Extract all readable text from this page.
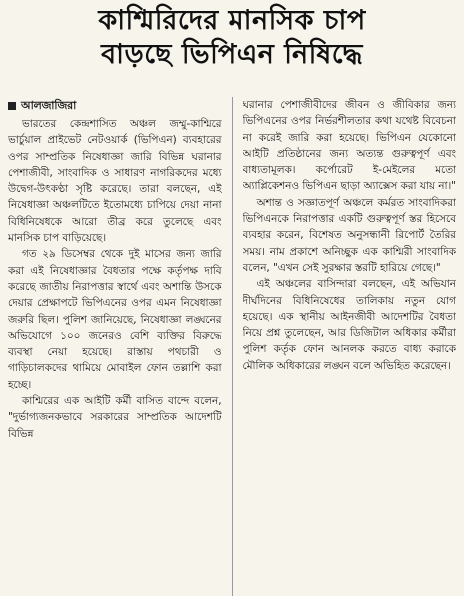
কাশ্মিরিদের মানসিক চাপ
বাড়ছে ভিপিএন নিষিদ্ধে
আলজাজিরা

ভারতের কেন্দ্রশাসিত অঞ্চল জম্মু-কাশ্মিরে ভার্চুয়াল প্রাইভেট নেটওয়ার্ক (ভিপিএন) ব্যবহারের ওপর সাম্প্রতিক নিষেধাজ্ঞা জারি বিভিন্ন ঘরানার পেশাজীবী, সাংবাদিক ও সাধারণ নাগরিকদের মধ্যে উদ্বেগ-উৎকণ্ঠা সৃষ্টি করেছে। তারা বলছেন, এই নিষেধাজ্ঞা অঞ্চলটিতে ইতোমধ্যে চাপিয়ে দেয়া নানা বিধিনিষেধকে আরো তীব্র করে তুলেছে এবং মানসিক চাপ বাড়িয়েছে।

গত ২৯ ডিসেম্বর থেকে দুই মাসের জন্য জারি করা এই নিষেধাজ্ঞার বৈধতার পক্ষে কর্তৃপক্ষ দাবি করেছে জাতীয় নিরাপত্তার স্বার্থে এবং অশান্তি উসকে দেয়ার প্রেক্ষাপটে ভিপিএনের ওপর এমন নিষেধাজ্ঞা জরুরি ছিল। পুলিশ জানিয়েছে, নিষেধাজ্ঞা লঙ্ঘনের অভিযোগে ১০০ জনেরও বেশি ব্যক্তির বিরুদ্ধে ব্যবস্থা নেয়া হয়েছে। রাস্তায় পথচারী ও গাড়িচালকদের থামিয়ে মোবাইল ফোন তল্লাশি করা হচ্ছে।

কাশ্মিরের এক আইটি কর্মী বাসিত বান্দে বলেন, "দুর্ভাগ্যজনকভাবে সরকারের সাম্প্রতিক আদেশটি বিভিন্ন

ঘরানার পেশাজীবীদের জীবন ও জীবিকার জন্য ভিপিএনের ওপর নির্ভরশীলতার কথা যথেষ্ট বিবেচনা না করেই জারি করা হয়েছে। ভিপিএন যেকোনো আইটি প্রতিষ্ঠানের জন্য অত্যন্ত গুরুত্বপূর্ণ এবং বাধ্যতামূলক। কর্পোরেট ই-মেইলের মতো অ্যাপ্লিকেশনও ভিপিএন ছাড়া অ্যাক্সেস করা যায় না।"

অশান্ত ও সজ্ঞাতপূর্ণ অঞ্চলে কর্মরত সাংবাদিকরা ভিপিএনকে নিরাপত্তার একটি গুরুত্বপূর্ণ স্তর হিসেবে ব্যবহার করেন, বিশেষত অনুসন্ধানী রিপোর্ট তৈরির সময়। নাম প্রকাশে অনিচ্ছুক এক কাশ্মিরী সাংবাদিক বলেন, "এখন সেই সুরক্ষার স্তরটি হারিয়ে গেছে।"

এই অঞ্চলের বাসিন্দারা বলছেন, এই অভিযান দীর্ঘদিনের বিধিনিষেধের তালিকায় নতুন যোগ হয়েছে। এক স্থানীয় আইনজীবী আদেশটির বৈধতা নিয়ে প্রশ্ন তুলেছেন, আর ডিজিটাল অধিকার কর্মীরা পুলিশ কর্তৃক ফোন আনলক করতে বাধ্য করাকে মৌলিক অধিকারের লঙ্ঘন বলে অভিহিত করেছেন।
